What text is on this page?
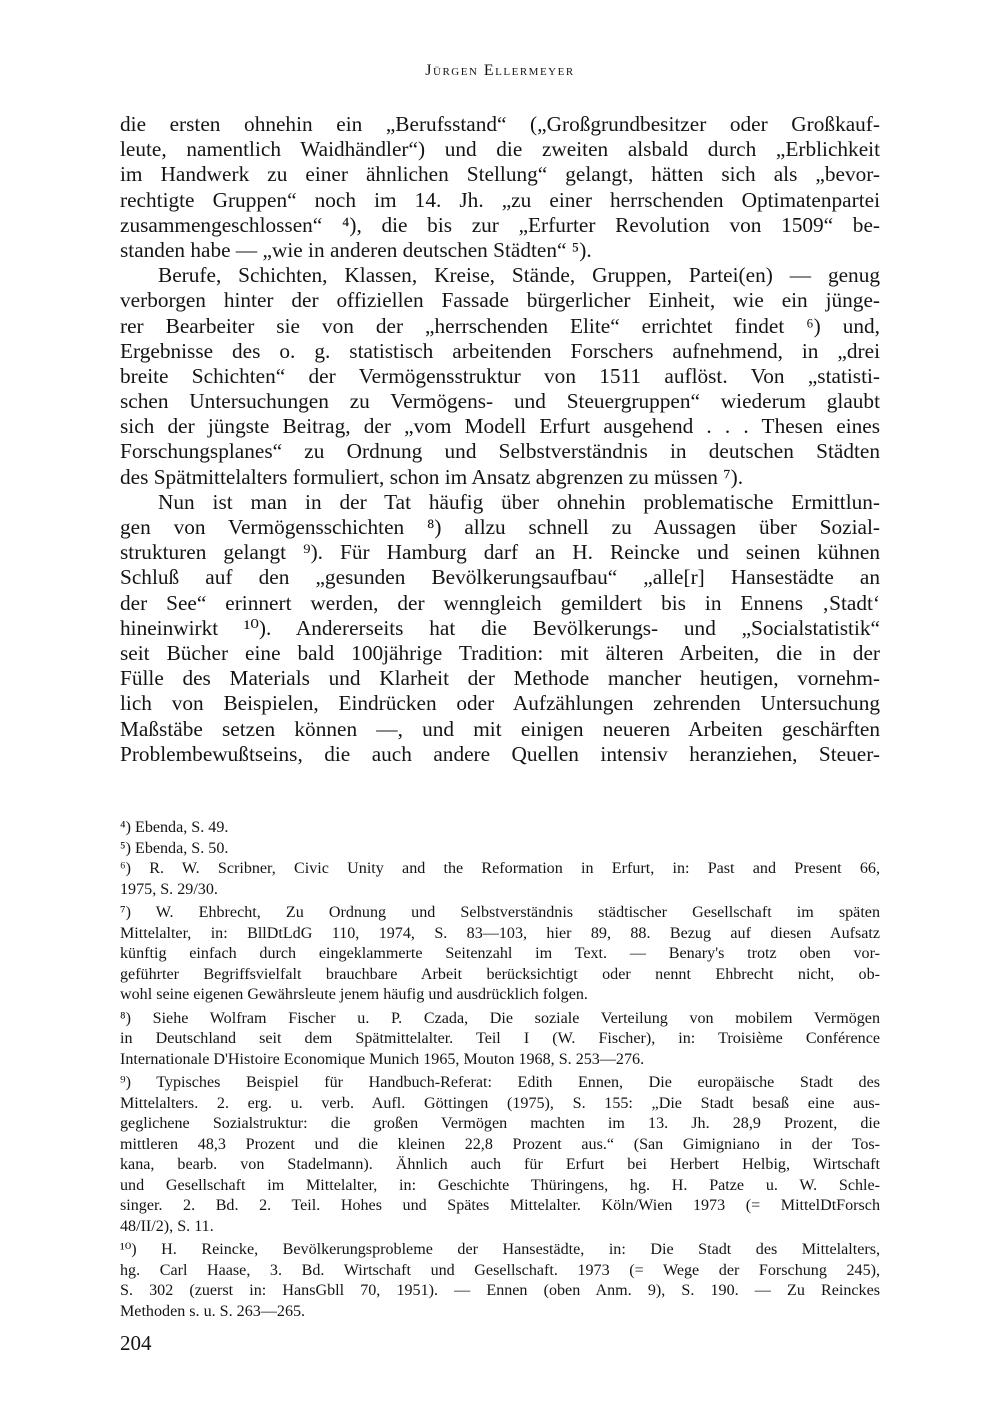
Jürgen Ellermeyer
die ersten ohnehin ein „Berufsstand“ („Großgrundbesitzer oder Großkauf-
leute, namentlich Waidhändler“) und die zweiten alsbald durch „Erblichkeit
im Handwerk zu einer ähnlichen Stellung“ gelangt, hätten sich als „bevor-
rechtigte Gruppen“ noch im 14. Jh. „zu einer herrschenden Optimatenpartei
zusammengeschlossen“ ⁴), die bis zur „Erfurter Revolution von 1509“ be-
standen habe — „wie in anderen deutschen Städten“ ⁵).
Berufe, Schichten, Klassen, Kreise, Stände, Gruppen, Partei(en) — genug
verborgen hinter der offiziellen Fassade bürgerlicher Einheit, wie ein jünge-
rer Bearbeiter sie von der „herrschenden Elite“ errichtet findet ⁶) und,
Ergebnisse des o. g. statistisch arbeitenden Forschers aufnehmend, in „drei
breite Schichten“ der Vermögensstruktur von 1511 auflöst. Von „statisti-
schen Untersuchungen zu Vermögens- und Steuergruppen“ wiederum glaubt
sich der jüngste Beitrag, der „vom Modell Erfurt ausgehend . . . Thesen eines
Forschungsplanes“ zu Ordnung und Selbstverständnis in deutschen Städten
des Spätmittelalters formuliert, schon im Ansatz abgrenzen zu müssen ⁷).
Nun ist man in der Tat häufig über ohnehin problematische Ermittlun-
gen von Vermögensschichten ⁸) allzu schnell zu Aussagen über Sozial-
strukturen gelangt ⁹). Für Hamburg darf an H. Reincke und seinen kühnen
Schluß auf den „gesunden Bevölkerungsaufbau“ „alle[r] Hansestädte an
der See“ erinnert werden, der wenngleich gemildert bis in Ennens ‚Stadt‘
hineinwirkt ¹⁰). Andererseits hat die Bevölkerungs- und „Socialstatistik“
seit Bücher eine bald 100jährige Tradition: mit älteren Arbeiten, die in der
Fülle des Materials und Klarheit der Methode mancher heutigen, vornehm-
lich von Beispielen, Eindrücken oder Aufzählungen zehrenden Untersuchung
Maßstäbe setzen können —, und mit einigen neueren Arbeiten geschärften
Problembewußtseins, die auch andere Quellen intensiv heranziehen, Steuer-
⁴) Ebenda, S. 49.
⁵) Ebenda, S. 50.
⁶) R. W. Scribner, Civic Unity and the Reformation in Erfurt, in: Past and Present 66,
1975, S. 29/30.
⁷) W. Ehbrecht, Zu Ordnung und Selbstverständnis städtischer Gesellschaft im späten
Mittelalter, in: BllDtLdG 110, 1974, S. 83—103, hier 89, 88. Bezug auf diesen Aufsatz
künftig einfach durch eingeklammerte Seitenzahl im Text. — Benary's trotz oben vor-
geführter Begriffsvielfalt brauchbare Arbeit berücksichtigt oder nennt Ehbrecht nicht, ob-
wohl seine eigenen Gewährsleute jenem häufig und ausdrücklich folgen.
⁸) Siehe Wolfram Fischer u. P. Czada, Die soziale Verteilung von mobilem Vermögen
in Deutschland seit dem Spätmittelalter. Teil I (W. Fischer), in: Troisième Conférence
Internationale D'Histoire Economique Munich 1965, Mouton 1968, S. 253—276.
⁹) Typisches Beispiel für Handbuch-Referat: Edith Ennen, Die europäische Stadt des
Mittelalters. 2. erg. u. verb. Aufl. Göttingen (1975), S. 155: „Die Stadt besaß eine aus-
geglichene Sozialstruktur: die großen Vermögen machten im 13. Jh. 28,9 Prozent, die
mittleren 48,3 Prozent und die kleinen 22,8 Prozent aus.“ (San Gimigniano in der Tos-
kana, bearb. von Stadelmann). Ähnlich auch für Erfurt bei Herbert Helbig, Wirtschaft
und Gesellschaft im Mittelalter, in: Geschichte Thüringens, hg. H. Patze u. W. Schle-
singer. 2. Bd. 2. Teil. Hohes und Spätes Mittelalter. Köln/Wien 1973 (= MittelDtForsch
48/II/2), S. 11.
¹⁰) H. Reincke, Bevölkerungsprobleme der Hansestädte, in: Die Stadt des Mittelalters,
hg. Carl Haase, 3. Bd. Wirtschaft und Gesellschaft. 1973 (= Wege der Forschung 245),
S. 302 (zuerst in: HansGbll 70, 1951). — Ennen (oben Anm. 9), S. 190. — Zu Reinckes
Methoden s. u. S. 263—265.
204
